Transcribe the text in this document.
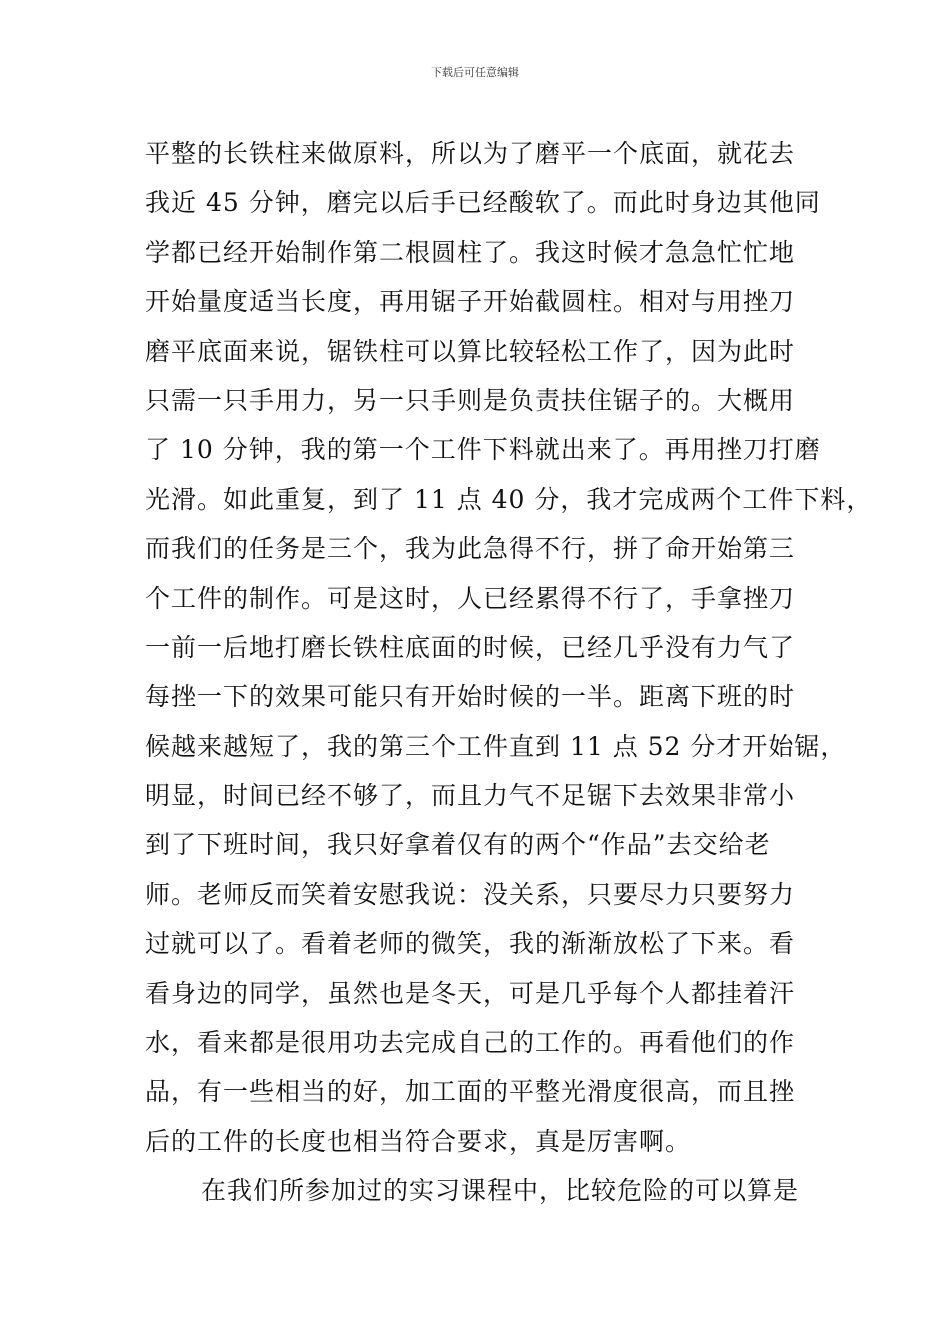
下载后可任意编辑
平整的长铁柱来做原料，所以为了磨平一个底面，就花去
我近 45 分钟，磨完以后手已经酸软了。而此时身边其他同
学都已经开始制作第二根圆柱了。我这时候才急急忙忙地
开始量度适当长度，再用锯子开始截圆柱。相对与用挫刀
磨平底面来说，锯铁柱可以算比较轻松工作了，因为此时
只需一只手用力，另一只手则是负责扶住锯子的。大概用
了 10 分钟，我的第一个工件下料就出来了。再用挫刀打磨
光滑。如此重复，到了 11 点 40 分，我才完成两个工件下料，
而我们的任务是三个，我为此急得不行，拼了命开始第三
个工件的制作。可是这时，人已经累得不行了，手拿挫刀
一前一后地打磨长铁柱底面的时候，已经几乎没有力气了
每挫一下的效果可能只有开始时候的一半。距离下班的时
候越来越短了，我的第三个工件直到 11 点 52 分才开始锯，
明显，时间已经不够了，而且力气不足锯下去效果非常小
到了下班时间，我只好拿着仅有的两个“作品”去交给老
师。老师反而笑着安慰我说：没关系，只要尽力只要努力
过就可以了。看着老师的微笑，我的渐渐放松了下来。看
看身边的同学，虽然也是冬天，可是几乎每个人都挂着汗
水，看来都是很用功去完成自己的工作的。再看他们的作
品，有一些相当的好，加工面的平整光滑度很高，而且挫
后的工件的长度也相当符合要求，真是厉害啊。
在我们所参加过的实习课程中，比较危险的可以算是
